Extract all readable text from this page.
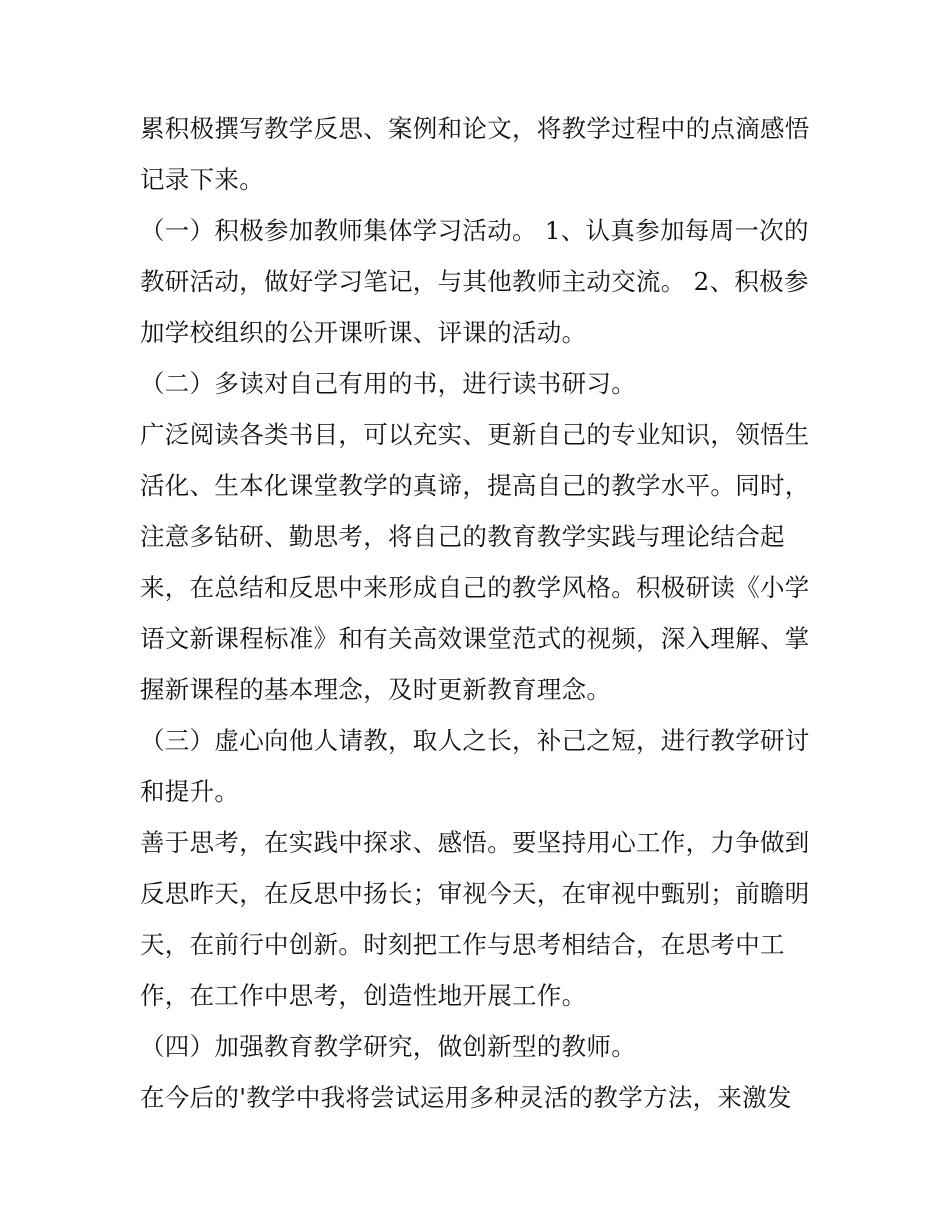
累积极撰写教学反思、案例和论文，将教学过程中的点滴感悟
记录下来。
（一）积极参加教师集体学习活动。 1、认真参加每周一次的
教研活动，做好学习笔记，与其他教师主动交流。 2、积极参
加学校组织的公开课听课、评课的活动。
（二）多读对自己有用的书，进行读书研习。
广泛阅读各类书目，可以充实、更新自己的专业知识，领悟生
活化、生本化课堂教学的真谛，提高自己的教学水平。同时，
注意多钻研、勤思考，将自己的教育教学实践与理论结合起
来，在总结和反思中来形成自己的教学风格。积极研读《小学
语文新课程标准》和有关高效课堂范式的视频，深入理解、掌
握新课程的基本理念，及时更新教育理念。
（三）虚心向他人请教，取人之长，补己之短，进行教学研讨
和提升。
善于思考，在实践中探求、感悟。要坚持用心工作，力争做到
反思昨天，在反思中扬长；审视今天，在审视中甄别；前瞻明
天，在前行中创新。时刻把工作与思考相结合，在思考中工
作，在工作中思考，创造性地开展工作。
（四）加强教育教学研究，做创新型的教师。
在今后的'教学中我将尝试运用多种灵活的教学方法，来激发
